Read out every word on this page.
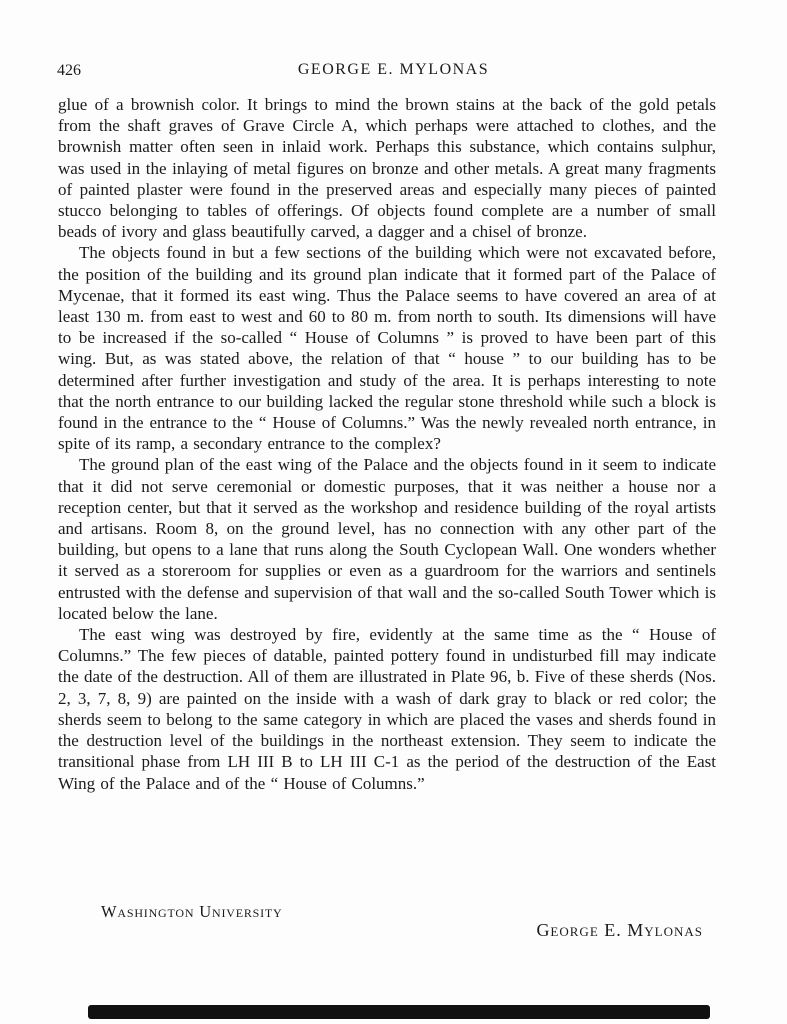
426	GEORGE E. MYLONAS

glue of a brownish color. It brings to mind the brown stains at the back of the gold petals from the shaft graves of Grave Circle A, which perhaps were attached to clothes, and the brownish matter often seen in inlaid work. Perhaps this substance, which contains sulphur, was used in the inlaying of metal figures on bronze and other metals. A great many fragments of painted plaster were found in the preserved areas and especially many pieces of painted stucco belonging to tables of offerings. Of objects found complete are a number of small beads of ivory and glass beautifully carved, a dagger and a chisel of bronze.

The objects found in but a few sections of the building which were not excavated before, the position of the building and its ground plan indicate that it formed part of the Palace of Mycenae, that it formed its east wing. Thus the Palace seems to have covered an area of at least 130 m. from east to west and 60 to 80 m. from north to south. Its dimensions will have to be increased if the so-called “ House of Columns ” is proved to have been part of this wing. But, as was stated above, the relation of that “ house ” to our building has to be determined after further investigation and study of the area. It is perhaps interesting to note that the north entrance to our building lacked the regular stone threshold while such a block is found in the entrance to the “ House of Columns.” Was the newly revealed north entrance, in spite of its ramp, a secondary entrance to the complex?

The ground plan of the east wing of the Palace and the objects found in it seem to indicate that it did not serve ceremonial or domestic purposes, that it was neither a house nor a reception center, but that it served as the workshop and residence building of the royal artists and artisans. Room 8, on the ground level, has no connection with any other part of the building, but opens to a lane that runs along the South Cyclopean Wall. One wonders whether it served as a storeroom for supplies or even as a guardroom for the warriors and sentinels entrusted with the defense and supervision of that wall and the so-called South Tower which is located below the lane.

The east wing was destroyed by fire, evidently at the same time as the “ House of Columns.” The few pieces of datable, painted pottery found in undisturbed fill may indicate the date of the destruction. All of them are illustrated in Plate 96, b. Five of these sherds (Nos. 2, 3, 7, 8, 9) are painted on the inside with a wash of dark gray to black or red color; the sherds seem to belong to the same category in which are placed the vases and sherds found in the destruction level of the buildings in the northeast extension. They seem to indicate the transitional phase from LH III B to LH III C-1 as the period of the destruction of the East Wing of the Palace and of the “ House of Columns.”

Washington University
George E. Mylonas
